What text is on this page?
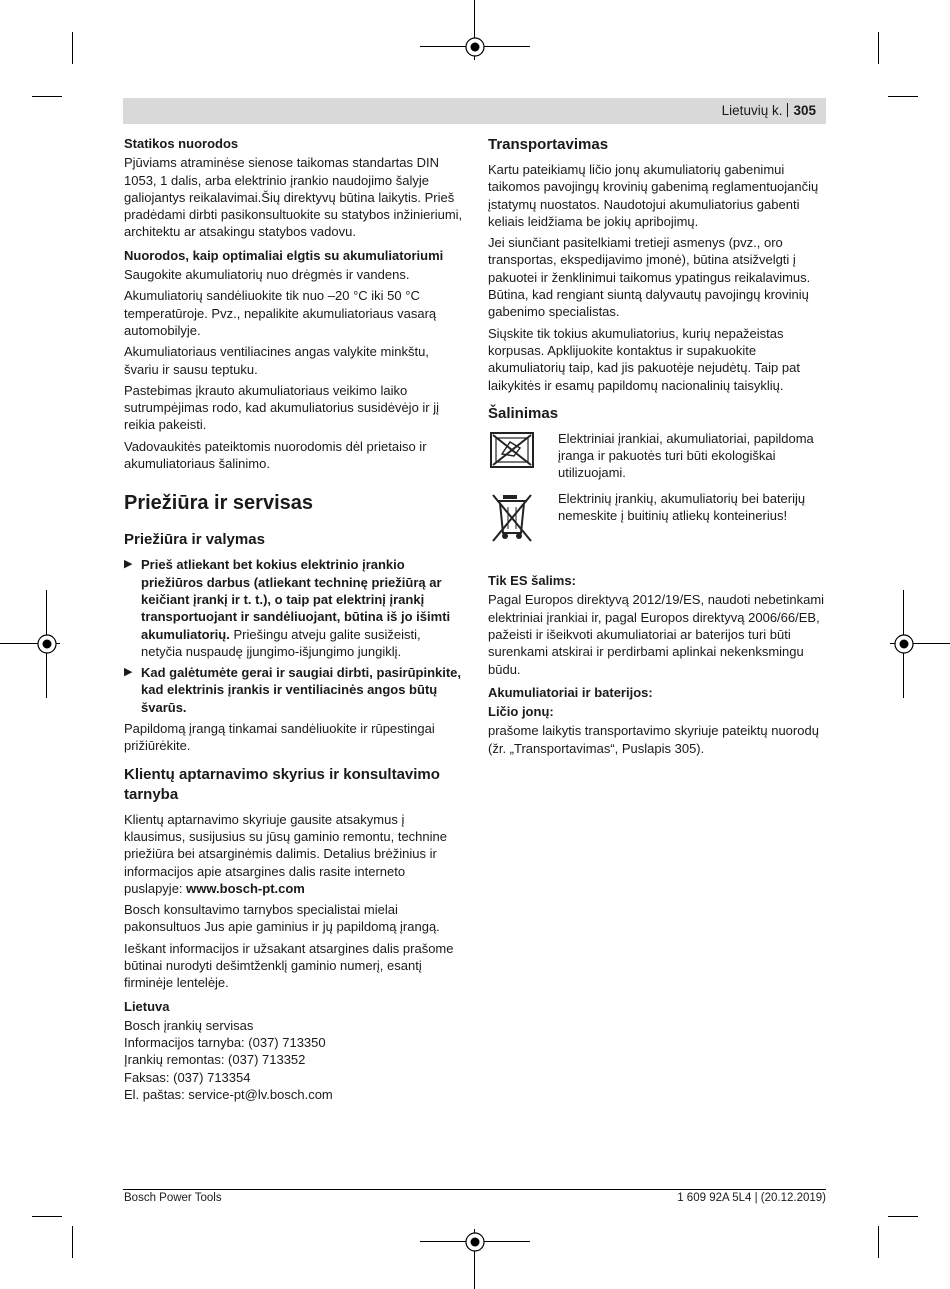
Lietuvių k. 305

Statikos nuorodos

Pjūviams atraminėse sienose taikomas standartas DIN 1053, 1 dalis, arba elektrinio įrankio naudojimo šalyje galiojantys reikalavimai.Šių direktyvų būtina laikytis. Prieš pradėdami dirbti pasikonsultuokite su statybos inžinieriumi, architektu ar atsakingu statybos vadovu.

Nuorodos, kaip optimaliai elgtis su akumuliatoriumi

Saugokite akumuliatorių nuo drėgmės ir vandens.

Akumuliatorių sandėliuokite tik nuo –20 °C iki 50 °C temperatūroje. Pvz., nepalikite akumuliatoriaus vasarą automobilyje.

Akumuliatoriaus ventiliacines angas valykite minkštu, švariu ir sausu teptuku.

Pastebimas įkrauto akumuliatoriaus veikimo laiko sutrumpėjimas rodo, kad akumuliatorius susidėvėjo ir jį reikia pakeisti.

Vadovaukitės pateiktomis nuorodomis dėl prietaiso ir akumuliatoriaus šalinimo.

Priežiūra ir servisas
Priežiūra ir valymas
▶ Prieš atliekant bet kokius elektrinio įrankio priežiūros darbus (atliekant techninę priežiūrą ar keičiant įrankį ir t. t.), o taip pat elektrinį įrankį transportuojant ir sandėliuojant, būtina iš jo išimti akumuliatorių. Priešingu atveju galite susižeisti, netyčia nuspaudę įjungimo-išjungimo jungiklį.
▶ Kad galėtumėte gerai ir saugiai dirbti, pasirūpinkite, kad elektrinis įrankis ir ventiliacinės angos būtų švarūs.

Papildomą įrangą tinkamai sandėliuokite ir rūpestingai prižiūrėkite.

Klientų aptarnavimo skyrius ir konsultavimo tarnyba

Klientų aptarnavimo skyriuje gausite atsakymus į klausimus, susijusius su jūsų gaminio remontu, technine priežiūra bei atsarginėmis dalimis. Detalius brėžinius ir informacijos apie atsargines dalis rasite interneto puslapyje: www.bosch-pt.com

Bosch konsultavimo tarnybos specialistai mielai pakonsultuos Jus apie gaminius ir jų papildomą įrangą.

Ieškant informacijos ir užsakant atsargines dalis prašome būtinai nurodyti dešimtženklį gaminio numerį, esantį firminėje lentelėje.

Lietuva

Bosch įrankių servisas

Informacijos tarnyba: (037) 713350

Įrankių remontas: (037) 713352

Faksas: (037) 713354

El. paštas: service-pt@lv.bosch.com

Transportavimas

Kartu pateikiamų ličio jonų akumuliatorių gabenimui taikomos pavojingų krovinių gabenimą reglamentuojančių įstatymų nuostatos. Naudotojui akumuliatorius gabenti keliais leidžiama be jokių apribojimų.

Jei siunčiant pasitelkiami tretieji asmenys (pvz., oro transportas, ekspedijavimo įmonė), būtina atsižvelgti į pakuotei ir ženklinimui taikomus ypatingus reikalavimus. Būtina, kad rengiant siuntą dalyvautų pavojingų krovinių gabenimo specialistas.

Siųskite tik tokius akumuliatorius, kurių nepažeistas korpusas. Apklijuokite kontaktus ir supakuokite akumuliatorių taip, kad jis pakuotėje nejudėtų. Taip pat laikykitės ir esamų papildomų nacionalinių taisyklių.

Šalinimas
Elektriniai įrankiai, akumuliatoriai, papildoma įranga ir pakuotės turi būti ekologiškai utilizuojami.
Elektrinių įrankių, akumuliatorių bei baterijų nemeskite į buitinių atliekų konteinerius!

Tik ES šalims:

Pagal Europos direktyvą 2012/19/ES, naudoti nebetinkami elektriniai įrankiai ir, pagal Europos direktyvą 2006/66/EB, pažeisti ir išeikvoti akumuliatoriai ar baterijos turi būti surenkami atskirai ir perdirbami aplinkai nekenksmingu būdu.

Akumuliatoriai ir baterijos:

Ličio jonų:

prašome laikytis transportavimo skyriuje pateiktų nuorodų (žr. „Transportavimas“, Puslapis 305).

Bosch Power Tools	1 609 92A 5L4 | (20.12.2019)
